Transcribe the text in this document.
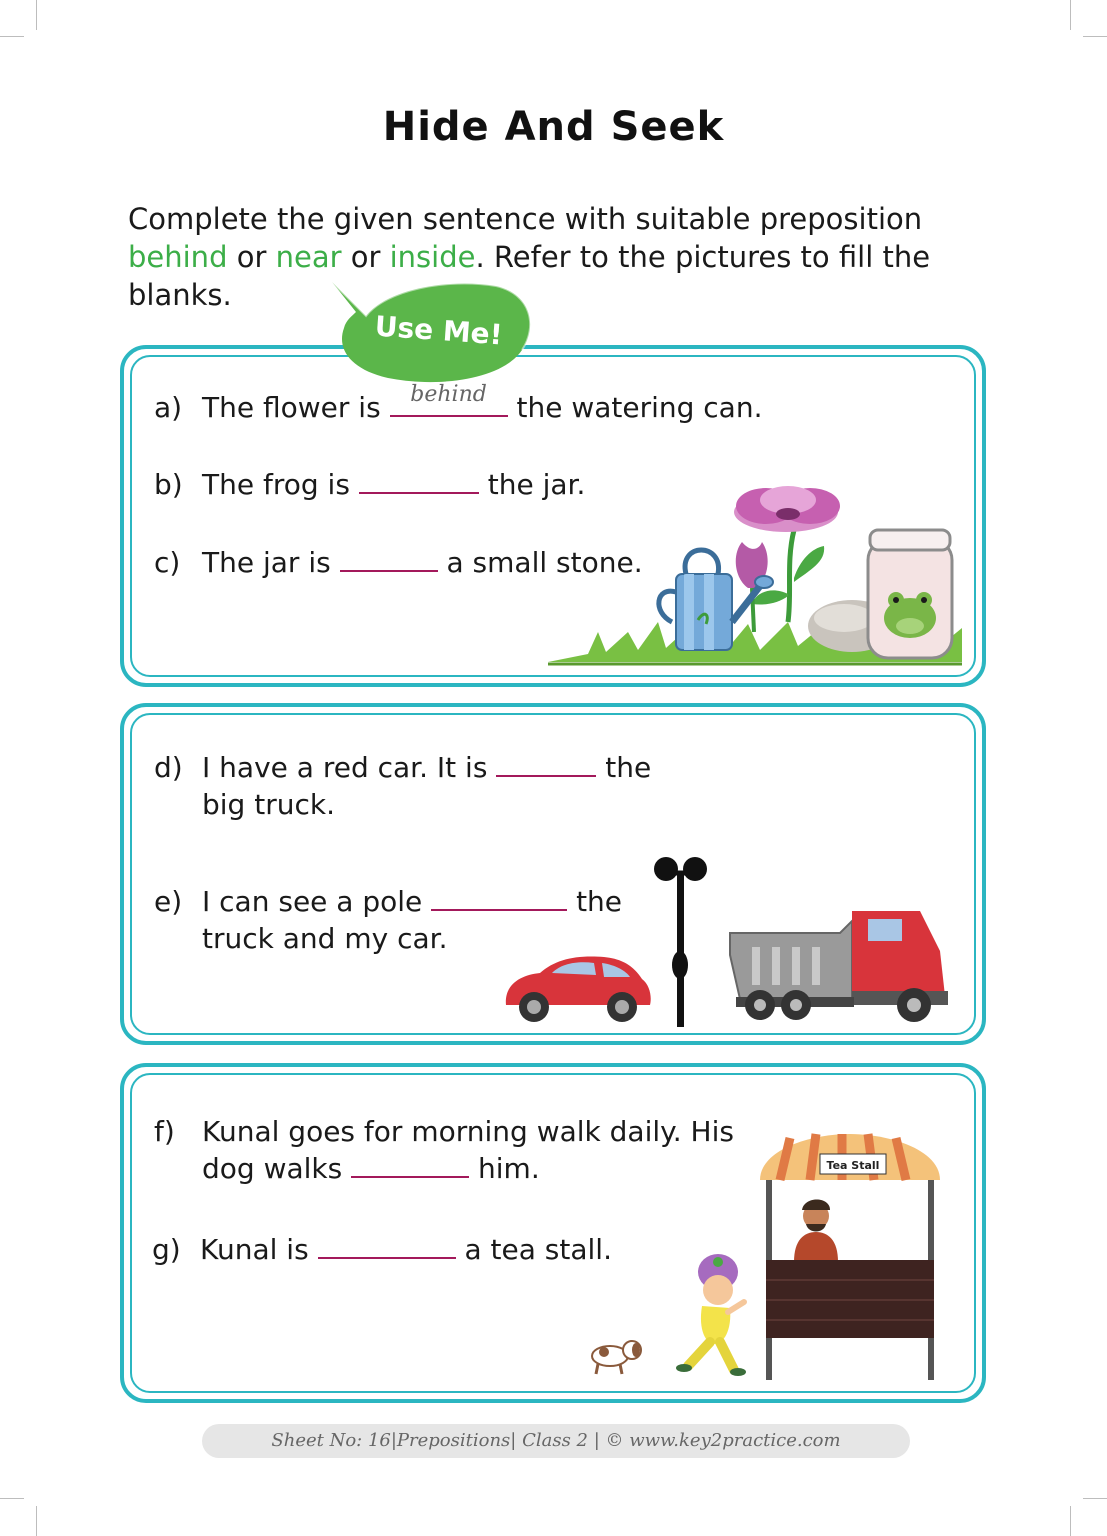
Hide And Seek
Complete the given sentence with suitable preposition
behind or near or inside. Refer to the pictures to fill the
blanks.
Use Me!
a) The flower is behind the watering can.
b) The frog is	the jar.
c) The jar is	a small stone.
d) I have a red car. It is	the
big truck.
e) I can see a pole	the
truck and my car.
f) Kunal goes for morning walk daily. His
dog walks	him.
g) Kunal is	a tea stall.
Tea Stall
Sheet No: 16|Prepositions| Class 2 | © www.key2practice.com
